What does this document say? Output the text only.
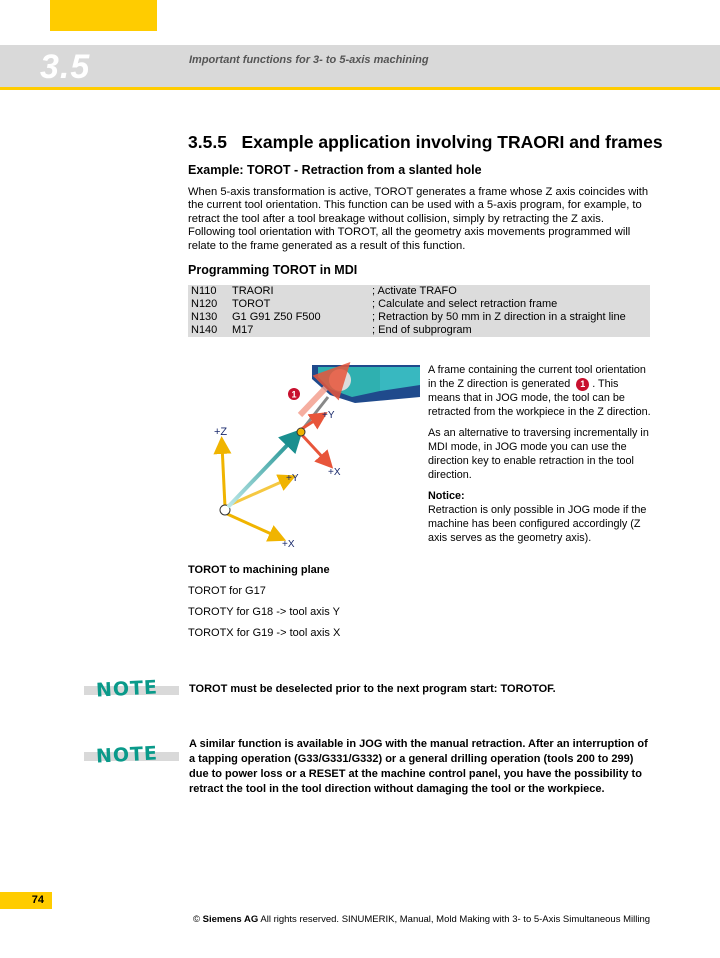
3.5	Important functions for 3- to 5-axis machining
3.5.5   Example application involving TRAORI and frames
Example: TOROT - Retraction from a slanted hole
When 5-axis transformation is active, TOROT generates a frame whose Z axis coincides with the current tool orientation. This function can be used with a 5-axis program, for example, to retract the tool after a tool breakage without collision, simply by retracting the Z axis. Following tool orientation with TOROT, all the geometry axis movements programmed will relate to the frame generated as a result of this function.
Programming TOROT in MDI
N110	TRAORI	; Activate TRAFO
N120	TOROT	; Calculate and select retraction frame
N130	G1 G91 Z50 F500	; Retraction by 50 mm in Z direction in a straight line
N140	M17	; End of subprogram
1
+Z
+Y
+X
+Y
+X

A frame containing the current tool orientation in the Z direction is generated 1 . This means that in JOG mode, the tool can be retracted from the workpiece in the Z direction.

As an alternative to traversing incrementally in MDI mode, in JOG mode you can use the direction key to enable retraction in the tool direction.

Notice:
Retraction is only possible in JOG mode if the machine has been configured accordingly (Z axis serves as the geometry axis).

TOROT to machining plane
TOROT for G17
TOROTY for G18 -> tool axis Y
TOROTX for G19 -> tool axis X
NOTE	TOROT must be deselected prior to the next program start: TOROTOF.
NOTE	A similar function is available in JOG with the manual retraction. After an interruption of a tapping operation (G33/G331/G332) or a general drilling operation (tools 200 to 299) due to power loss or a RESET at the machine control panel, you have the possibility to retract the tool in the tool direction without damaging the tool or the workpiece.
74
© Siemens AG All rights reserved. SINUMERIK, Manual, Mold Making with 3- to 5-Axis Simultaneous Milling
